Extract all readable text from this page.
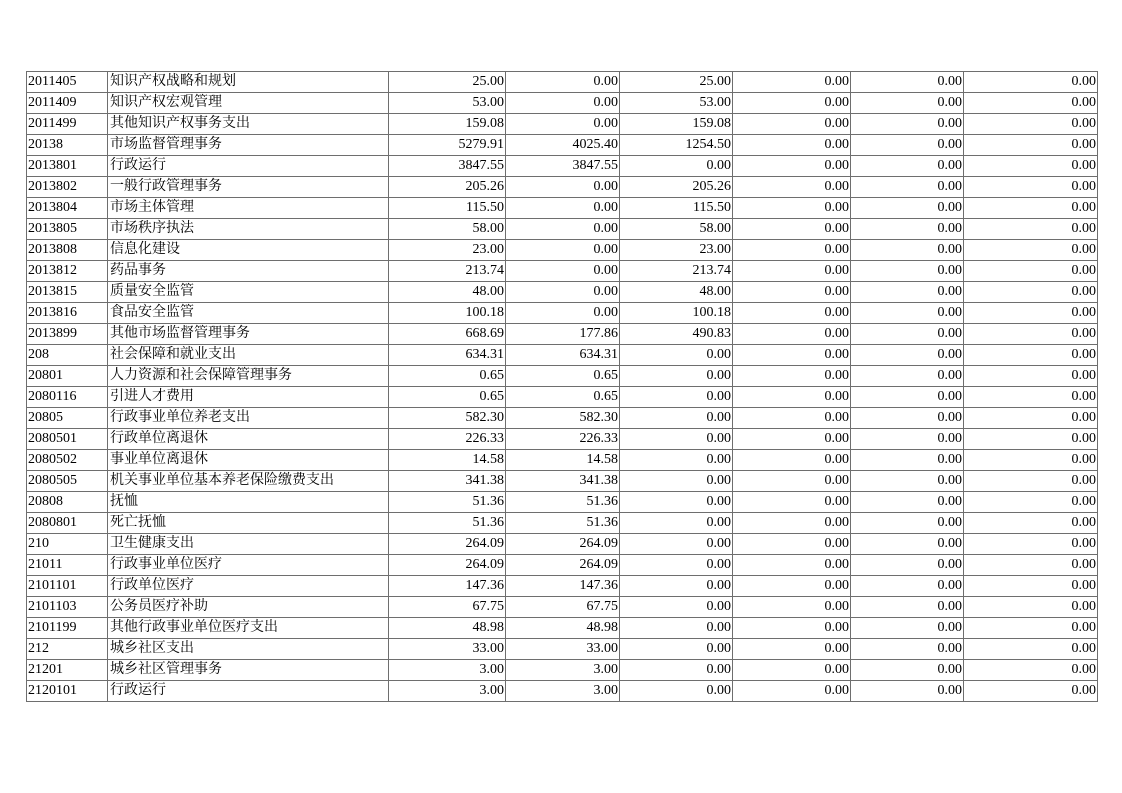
2011405	知识产权战略和规划	25.00	0.00	25.00	0.00	0.00	0.00
2011409	知识产权宏观管理	53.00	0.00	53.00	0.00	0.00	0.00
2011499	其他知识产权事务支出	159.08	0.00	159.08	0.00	0.00	0.00
20138	市场监督管理事务	5279.91	4025.40	1254.50	0.00	0.00	0.00
2013801	行政运行	3847.55	3847.55	0.00	0.00	0.00	0.00
2013802	一般行政管理事务	205.26	0.00	205.26	0.00	0.00	0.00
2013804	市场主体管理	115.50	0.00	115.50	0.00	0.00	0.00
2013805	市场秩序执法	58.00	0.00	58.00	0.00	0.00	0.00
2013808	信息化建设	23.00	0.00	23.00	0.00	0.00	0.00
2013812	药品事务	213.74	0.00	213.74	0.00	0.00	0.00
2013815	质量安全监管	48.00	0.00	48.00	0.00	0.00	0.00
2013816	食品安全监管	100.18	0.00	100.18	0.00	0.00	0.00
2013899	其他市场监督管理事务	668.69	177.86	490.83	0.00	0.00	0.00
208	社会保障和就业支出	634.31	634.31	0.00	0.00	0.00	0.00
20801	人力资源和社会保障管理事务	0.65	0.65	0.00	0.00	0.00	0.00
2080116	引进人才费用	0.65	0.65	0.00	0.00	0.00	0.00
20805	行政事业单位养老支出	582.30	582.30	0.00	0.00	0.00	0.00
2080501	行政单位离退休	226.33	226.33	0.00	0.00	0.00	0.00
2080502	事业单位离退休	14.58	14.58	0.00	0.00	0.00	0.00
2080505	机关事业单位基本养老保险缴费支出	341.38	341.38	0.00	0.00	0.00	0.00
20808	抚恤	51.36	51.36	0.00	0.00	0.00	0.00
2080801	死亡抚恤	51.36	51.36	0.00	0.00	0.00	0.00
210	卫生健康支出	264.09	264.09	0.00	0.00	0.00	0.00
21011	行政事业单位医疗	264.09	264.09	0.00	0.00	0.00	0.00
2101101	行政单位医疗	147.36	147.36	0.00	0.00	0.00	0.00
2101103	公务员医疗补助	67.75	67.75	0.00	0.00	0.00	0.00
2101199	其他行政事业单位医疗支出	48.98	48.98	0.00	0.00	0.00	0.00
212	城乡社区支出	33.00	33.00	0.00	0.00	0.00	0.00
21201	城乡社区管理事务	3.00	3.00	0.00	0.00	0.00	0.00
2120101	行政运行	3.00	3.00	0.00	0.00	0.00	0.00
